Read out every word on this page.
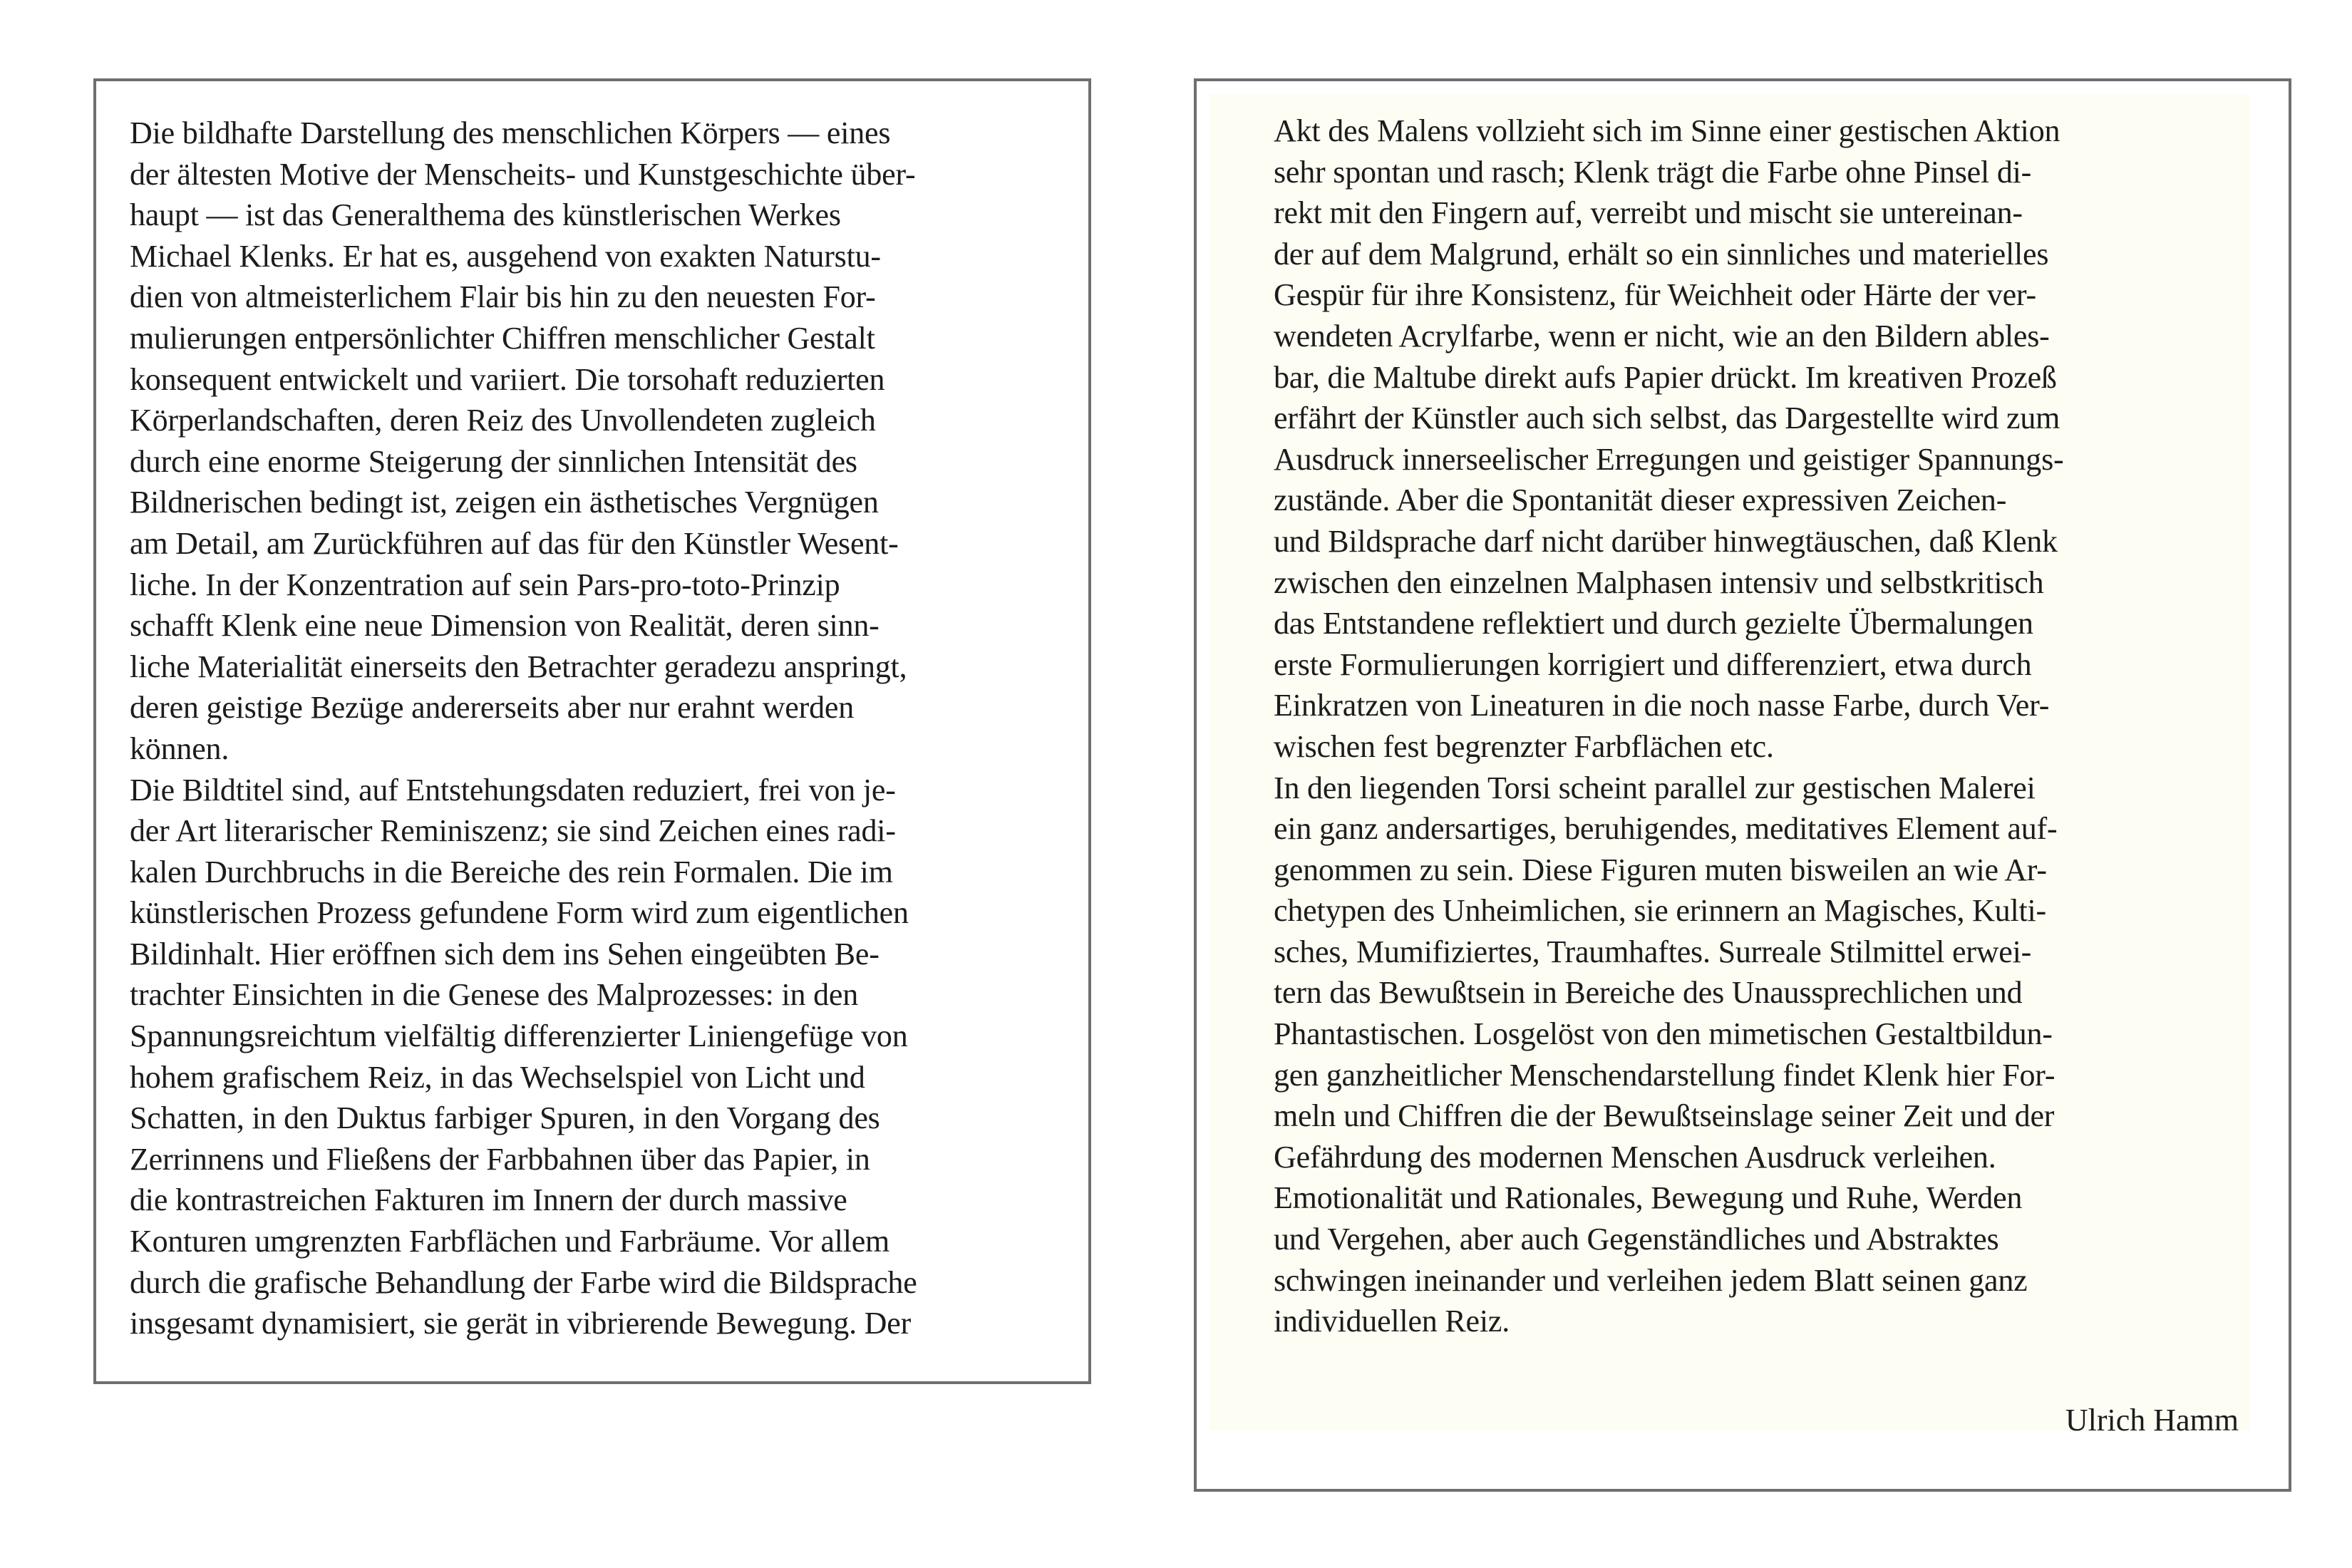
Die bildhafte Darstellung des menschlichen Körpers — eines
der ältesten Motive der Menscheits- und Kunstgeschichte über-
haupt — ist das Generalthema des künstlerischen Werkes
Michael Klenks. Er hat es, ausgehend von exakten Naturstu-
dien von altmeisterlichem Flair bis hin zu den neuesten For-
mulierungen entpersönlichter Chiffren menschlicher Gestalt
konsequent entwickelt und variiert. Die torsohaft reduzierten
Körperlandschaften, deren Reiz des Unvollendeten zugleich
durch eine enorme Steigerung der sinnlichen Intensität des
Bildnerischen bedingt ist, zeigen ein ästhetisches Vergnügen
am Detail, am Zurückführen auf das für den Künstler Wesent-
liche. In der Konzentration auf sein Pars-pro-toto-Prinzip
schafft Klenk eine neue Dimension von Realität, deren sinn-
liche Materialität einerseits den Betrachter geradezu anspringt,
deren geistige Bezüge andererseits aber nur erahnt werden
können.
Die Bildtitel sind, auf Entstehungsdaten reduziert, frei von je-
der Art literarischer Reminiszenz; sie sind Zeichen eines radi-
kalen Durchbruchs in die Bereiche des rein Formalen. Die im
künstlerischen Prozess gefundene Form wird zum eigentlichen
Bildinhalt. Hier eröffnen sich dem ins Sehen eingeübten Be-
trachter Einsichten in die Genese des Malprozesses: in den
Spannungsreichtum vielfältig differenzierter Liniengefüge von
hohem grafischem Reiz, in das Wechselspiel von Licht und
Schatten, in den Duktus farbiger Spuren, in den Vorgang des
Zerrinnens und Fließens der Farbbahnen über das Papier, in
die kontrastreichen Fakturen im Innern der durch massive
Konturen umgrenzten Farbflächen und Farbräume. Vor allem
durch die grafische Behandlung der Farbe wird die Bildsprache
insgesamt dynamisiert, sie gerät in vibrierende Bewegung. Der
Akt des Malens vollzieht sich im Sinne einer gestischen Aktion
sehr spontan und rasch; Klenk trägt die Farbe ohne Pinsel di-
rekt mit den Fingern auf, verreibt und mischt sie untereinan-
der auf dem Malgrund, erhält so ein sinnliches und materielles
Gespür für ihre Konsistenz, für Weichheit oder Härte der ver-
wendeten Acrylfarbe, wenn er nicht, wie an den Bildern ables-
bar, die Maltube direkt aufs Papier drückt. Im kreativen Prozeß
erfährt der Künstler auch sich selbst, das Dargestellte wird zum
Ausdruck innerseelischer Erregungen und geistiger Spannungs-
zustände. Aber die Spontanität dieser expressiven Zeichen-
und Bildsprache darf nicht darüber hinwegtäuschen, daß Klenk
zwischen den einzelnen Malphasen intensiv und selbstkritisch
das Entstandene reflektiert und durch gezielte Übermalungen
erste Formulierungen korrigiert und differenziert, etwa durch
Einkratzen von Lineaturen in die noch nasse Farbe, durch Ver-
wischen fest begrenzter Farbflächen etc.
In den liegenden Torsi scheint parallel zur gestischen Malerei
ein ganz andersartiges, beruhigendes, meditatives Element auf-
genommen zu sein. Diese Figuren muten bisweilen an wie Ar-
chetypen des Unheimlichen, sie erinnern an Magisches, Kulti-
sches, Mumifiziertes, Traumhaftes. Surreale Stilmittel erwei-
tern das Bewußtsein in Bereiche des Unaussprechlichen und
Phantastischen. Losgelöst von den mimetischen Gestaltbildun-
gen ganzheitlicher Menschendarstellung findet Klenk hier For-
meln und Chiffren die der Bewußtseinslage seiner Zeit und der
Gefährdung des modernen Menschen Ausdruck verleihen.
Emotionalität und Rationales, Bewegung und Ruhe, Werden
und Vergehen, aber auch Gegenständliches und Abstraktes
schwingen ineinander und verleihen jedem Blatt seinen ganz
individuellen Reiz.
Ulrich Hamm
